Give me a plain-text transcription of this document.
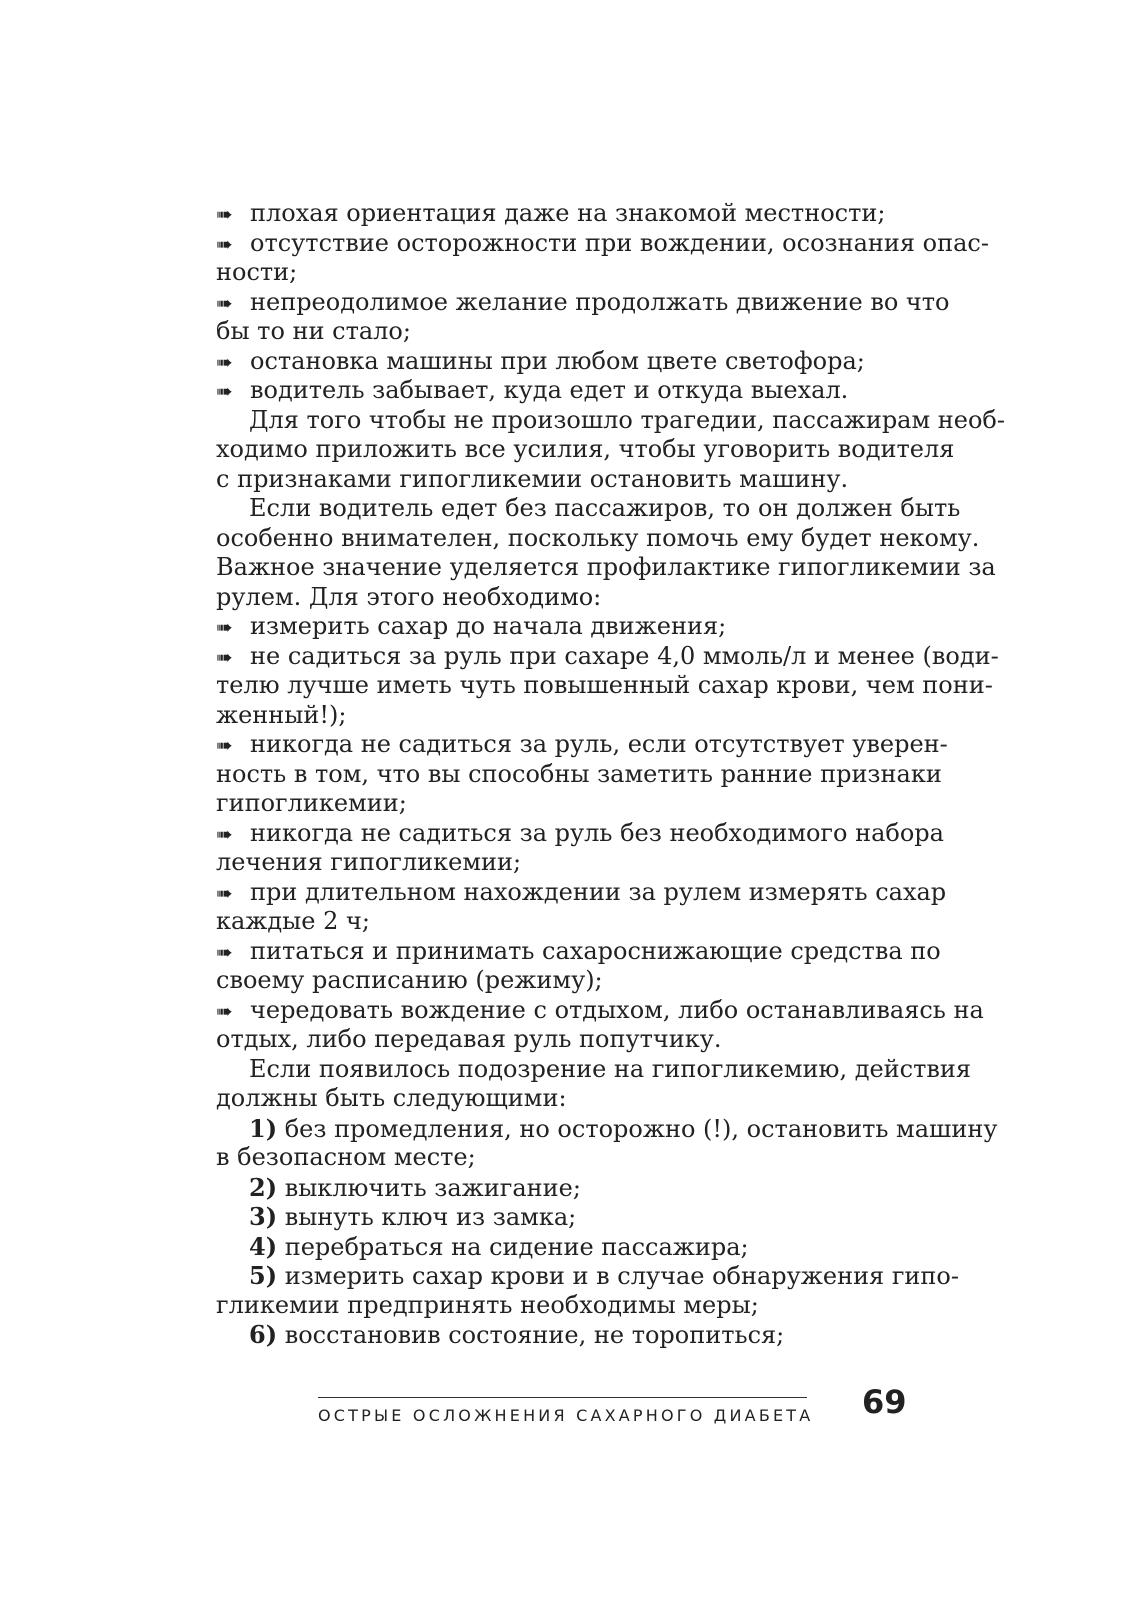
➠ плохая ориентация даже на знакомой местности;
➠ отсутствие осторожности при вождении, осознания опас-
ности;
➠ непреодолимое желание продолжать движение во что
бы то ни стало;
➠ остановка машины при любом цвете светофора;
➠ водитель забывает, куда едет и откуда выехал.
Для того чтобы не произошло трагедии, пассажирам необ-
ходимо приложить все усилия, чтобы уговорить водителя
с признаками гипогликемии остановить машину.
Если водитель едет без пассажиров, то он должен быть
особенно внимателен, поскольку помочь ему будет некому.
Важное значение уделяется профилактике гипогликемии за
рулем. Для этого необходимо:
➠ измерить сахар до начала движения;
➠ не садиться за руль при сахаре 4,0 ммоль/л и менее (води-
телю лучше иметь чуть повышенный сахар крови, чем пони-
женный!);
➠ никогда не садиться за руль, если отсутствует уверен-
ность в том, что вы способны заметить ранние признаки
гипогликемии;
➠ никогда не садиться за руль без необходимого набора
лечения гипогликемии;
➠ при длительном нахождении за рулем измерять сахар
каждые 2 ч;
➠ питаться и принимать сахароснижающие средства по
своему расписанию (режиму);
➠ чередовать вождение с отдыхом, либо останавливаясь на
отдых, либо передавая руль попутчику.
Если появилось подозрение на гипогликемию, действия
должны быть следующими:
1) без промедления, но осторожно (!), остановить машину
в безопасном месте;
2) выключить зажигание;
3) вынуть ключ из замка;
4) перебраться на сидение пассажира;
5) измерить сахар крови и в случае обнаружения гипо-
гликемии предпринять необходимы меры;
6) восстановив состояние, не торопиться;
ОСТРЫЕ ОСЛОЖНЕНИЯ САХАРНОГО ДИАБЕТА 69
